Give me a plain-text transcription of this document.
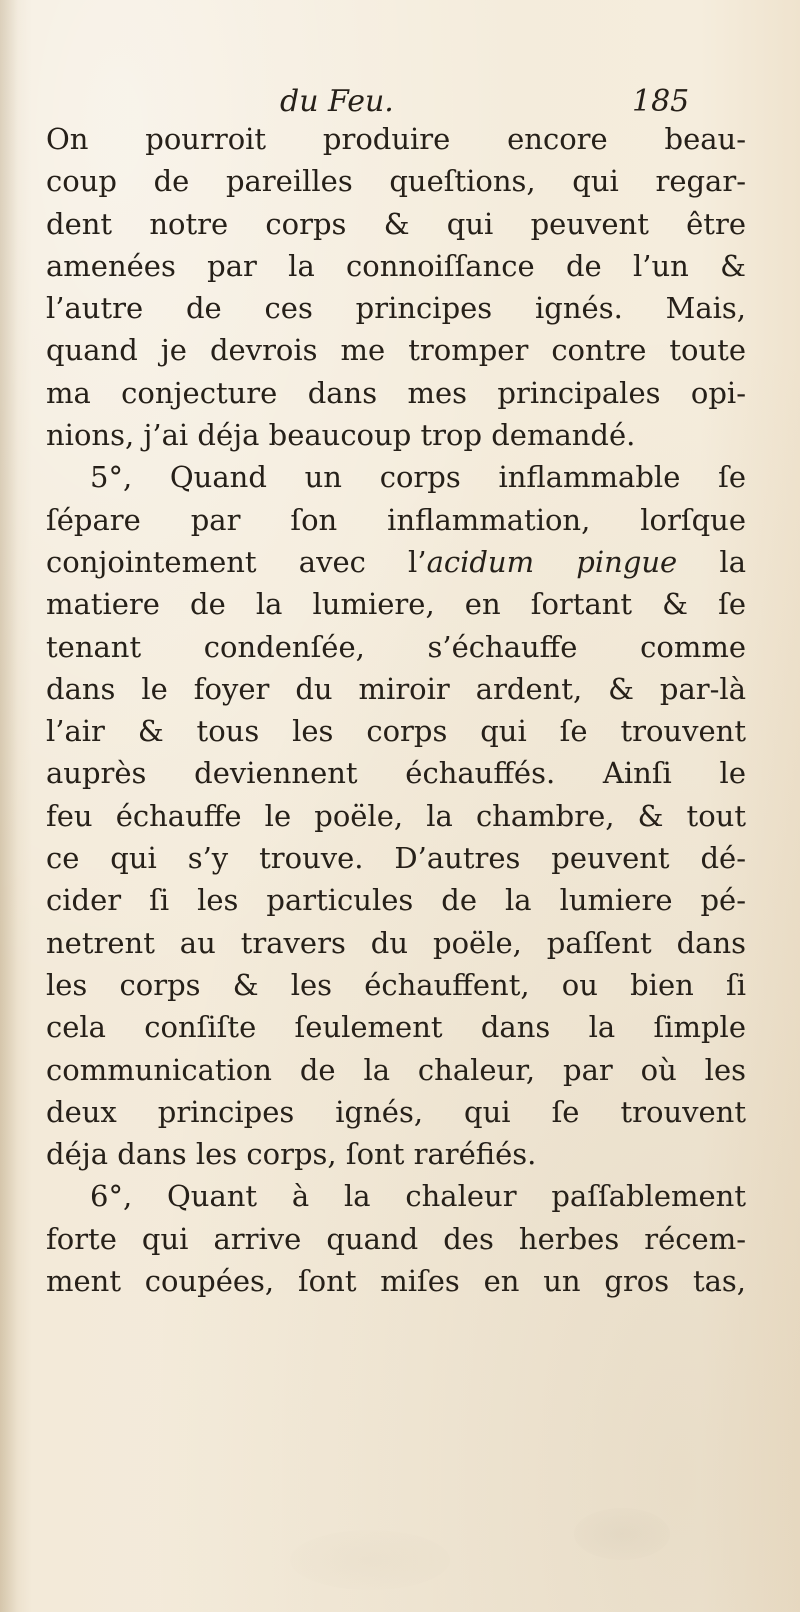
du Feu.	185
On pourroit produire encore beau-
coup de pareilles queſtions, qui regar-
dent notre corps & qui peuvent être
amenées par la connoiſſance de l’un &
l’autre de ces principes ignés. Mais,
quand je devrois me tromper contre toute
ma conjecture dans mes principales opi-
nions, j’ai déja beaucoup trop demandé.
5°, Quand un corps inflammable ſe
ſépare par ſon inflammation, lorſque
conjointement avec l’acidum pingue la
matiere de la lumiere, en ſortant & ſe
tenant condenſée, s’échauffe comme
dans le foyer du miroir ardent, & par-là
l’air & tous les corps qui ſe trouvent
auprès deviennent échauffés. Ainſi le
feu échauffe le poële, la chambre, & tout
ce qui s’y trouve. D’autres peuvent dé-
cider ſi les particules de la lumiere pé-
netrent au travers du poële, paſſent dans
les corps & les échauffent, ou bien ſi
cela conſiſte ſeulement dans la ſimple
communication de la chaleur, par où les
deux principes ignés, qui ſe trouvent
déja dans les corps, ſont raréfiés.
6°, Quant à la chaleur paſſablement
forte qui arrive quand des herbes récem-
ment coupées, ſont miſes en un gros tas,
